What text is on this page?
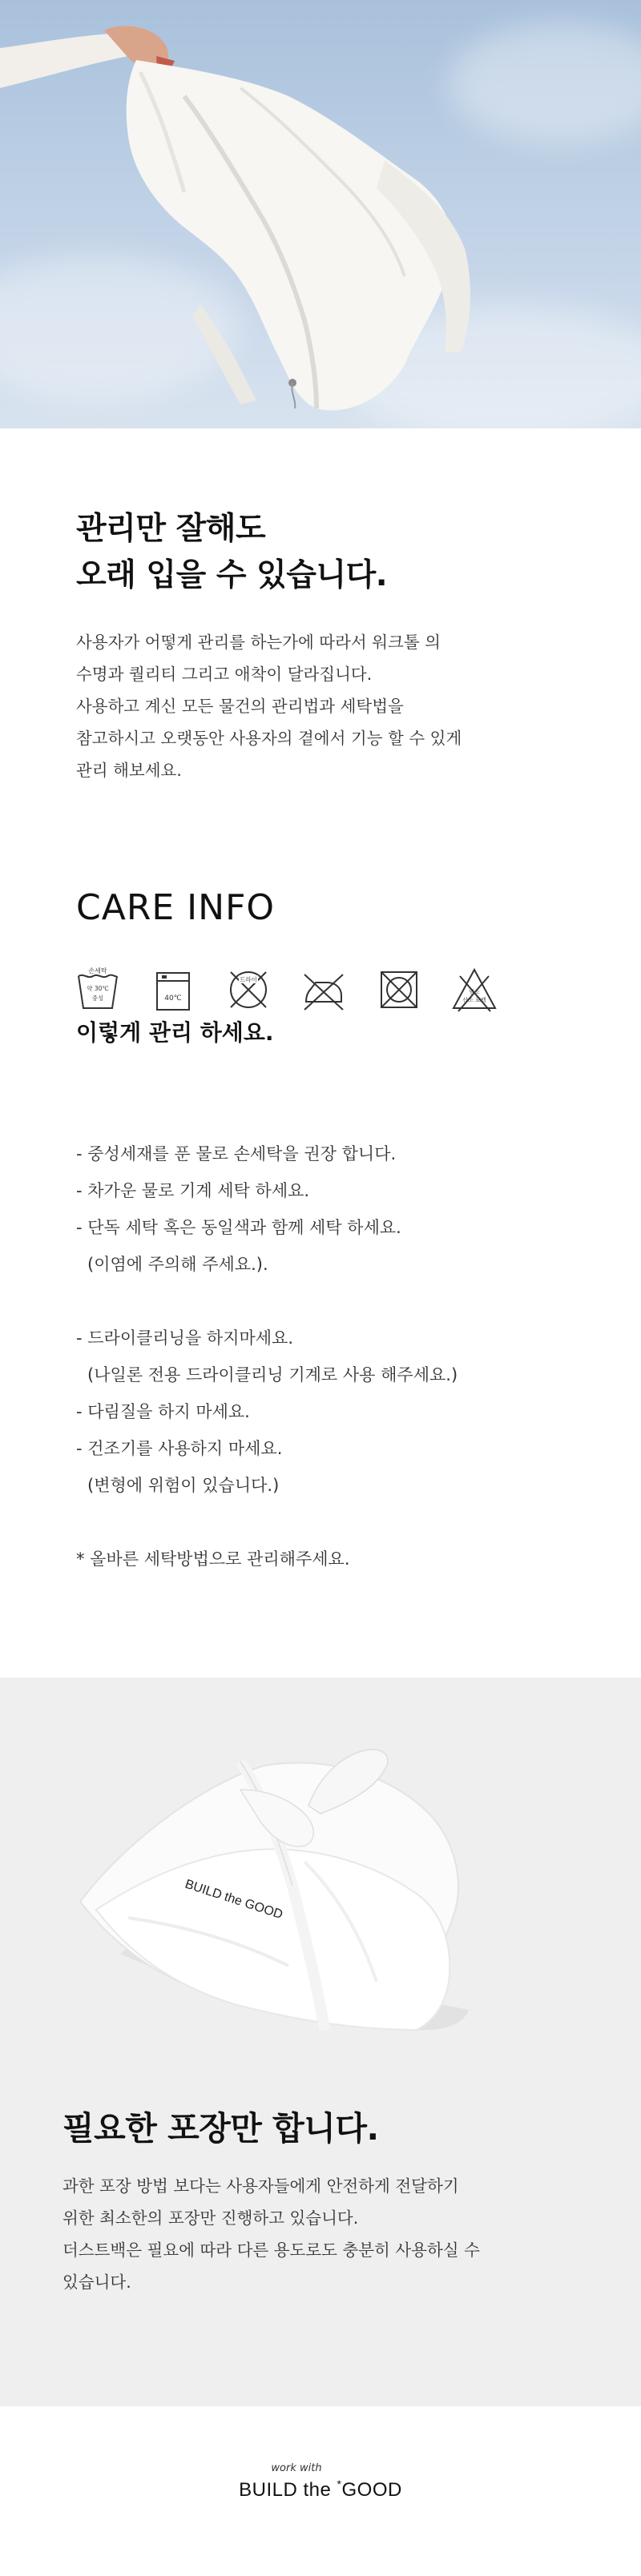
관리만 잘해도
오래 입을 수 있습니다.
사용자가 어떻게 관리를 하는가에 따라서 워크톨 의
수명과 퀄리티 그리고 애착이 달라집니다.
사용하고 계신 모든 물건의 관리법과 세탁법을
참고하시고 오랫동안 사용자의 곁에서 기능 할 수 있게
관리 해보세요.
CARE INFO
손세탁
약 30℃
중성	40℃
드라이
염소
산소 표백
이렇게 관리 하세요.
- 중성세재를 푼 물로 손세탁을 권장 합니다.
- 차가운 물로 기계 세탁 하세요.
- 단독 세탁 혹은 동일색과 함께 세탁 하세요.
(이염에 주의해 주세요.).
- 드라이클리닝을 하지마세요.
(나일론 전용 드라이클리닝 기계로 사용 해주세요.)
- 다림질을 하지 마세요.
- 건조기를 사용하지 마세요.
(변형에 위험이 있습니다.)
* 올바른 세탁방법으로 관리해주세요.
BUILD the GOOD
필요한 포장만 합니다.
과한 포장 방법 보다는 사용자들에게 안전하게 전달하기
위한 최소한의 포장만 진행하고 있습니다.
더스트백은 필요에 따라 다른 용도로도 충분히 사용하실 수
있습니다.
work with
BUILD the *GOOD
